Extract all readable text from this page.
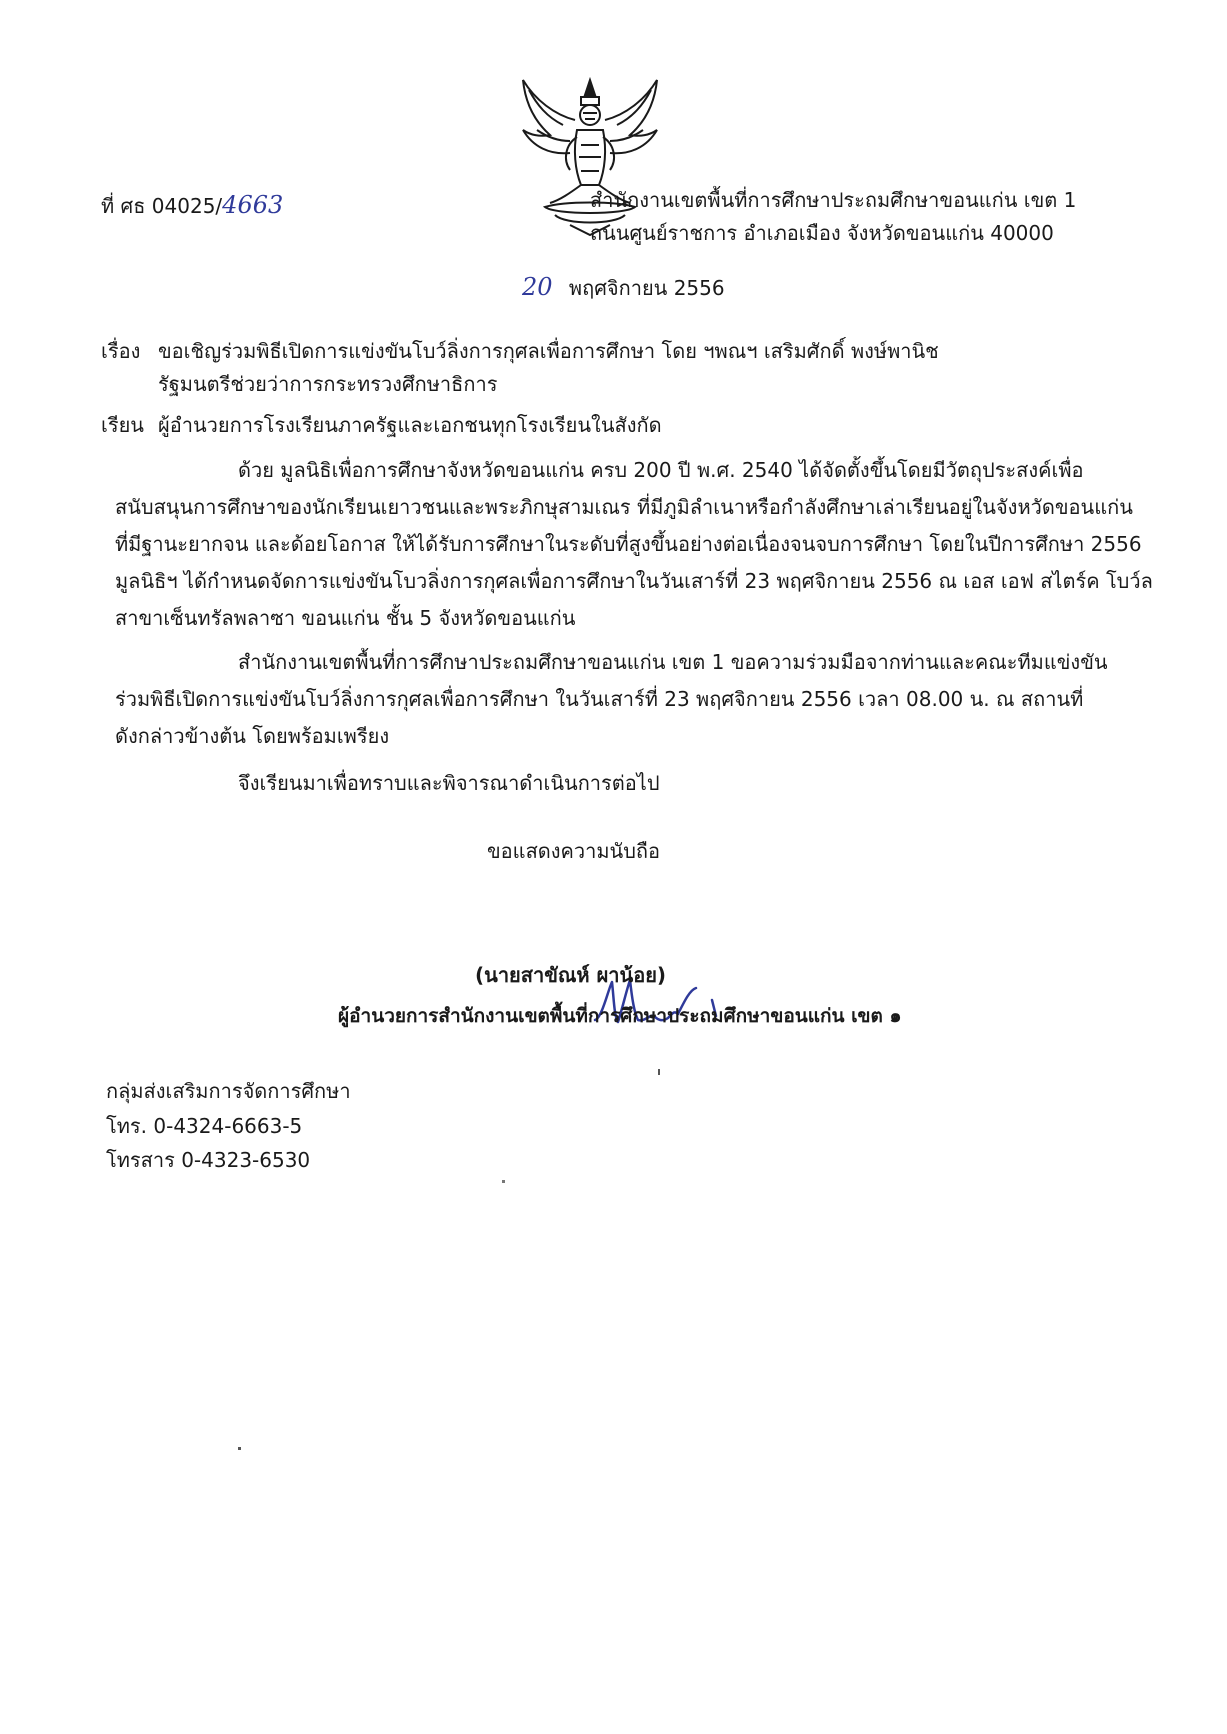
ที่ ศธ 04025/4663	สำนักงานเขตพื้นที่การศึกษาประถมศึกษาขอนแก่น เขต 1
ถนนศูนย์ราชการ อำเภอเมือง จังหวัดขอนแก่น 40000
20 พฤศจิกายน 2556
เรื่อง ขอเชิญร่วมพิธีเปิดการแข่งขันโบว์ลิ่งการกุศลเพื่อการศึกษา โดย ฯพณฯ เสริมศักดิ์ พงษ์พานิช
รัฐมนตรีช่วยว่าการกระทรวงศึกษาธิการ
เรียน ผู้อำนวยการโรงเรียนภาครัฐและเอกชนทุกโรงเรียนในสังกัด
ด้วย มูลนิธิเพื่อการศึกษาจังหวัดขอนแก่น ครบ 200 ปี พ.ศ. 2540 ได้จัดตั้งขึ้นโดยมีวัตถุประสงค์เพื่อ
สนับสนุนการศึกษาของนักเรียนเยาวชนและพระภิกษุสามเณร ที่มีภูมิลำเนาหรือกำลังศึกษาเล่าเรียนอยู่ในจังหวัดขอนแก่น
ที่มีฐานะยากจน และด้อยโอกาส ให้ได้รับการศึกษาในระดับที่สูงขึ้นอย่างต่อเนื่องจนจบการศึกษา โดยในปีการศึกษา 2556
มูลนิธิฯ ได้กำหนดจัดการแข่งขันโบวลิ่งการกุศลเพื่อการศึกษาในวันเสาร์ที่ 23 พฤศจิกายน 2556 ณ เอส เอฟ สไตร์ค โบว์ล
สาขาเซ็นทรัลพลาซา ขอนแก่น ชั้น 5 จังหวัดขอนแก่น
สำนักงานเขตพื้นที่การศึกษาประถมศึกษาขอนแก่น เขต 1 ขอความร่วมมือจากท่านและคณะทีมแข่งขัน
ร่วมพิธีเปิดการแข่งขันโบว์ลิ่งการกุศลเพื่อการศึกษา ในวันเสาร์ที่ 23 พฤศจิกายน 2556 เวลา 08.00 น. ณ สถานที่
ดังกล่าวข้างต้น โดยพร้อมเพรียง
จึงเรียนมาเพื่อทราบและพิจารณาดำเนินการต่อไป
ขอแสดงความนับถือ
(นายสาขัณห์ ผาน้อย)
ผู้อำนวยการสำนักงานเขตพื้นที่การศึกษาประถมศึกษาขอนแก่น เขต ๑
กลุ่มส่งเสริมการจัดการศึกษา
โทร. 0-4324-6663-5
โทรสาร 0-4323-6530
